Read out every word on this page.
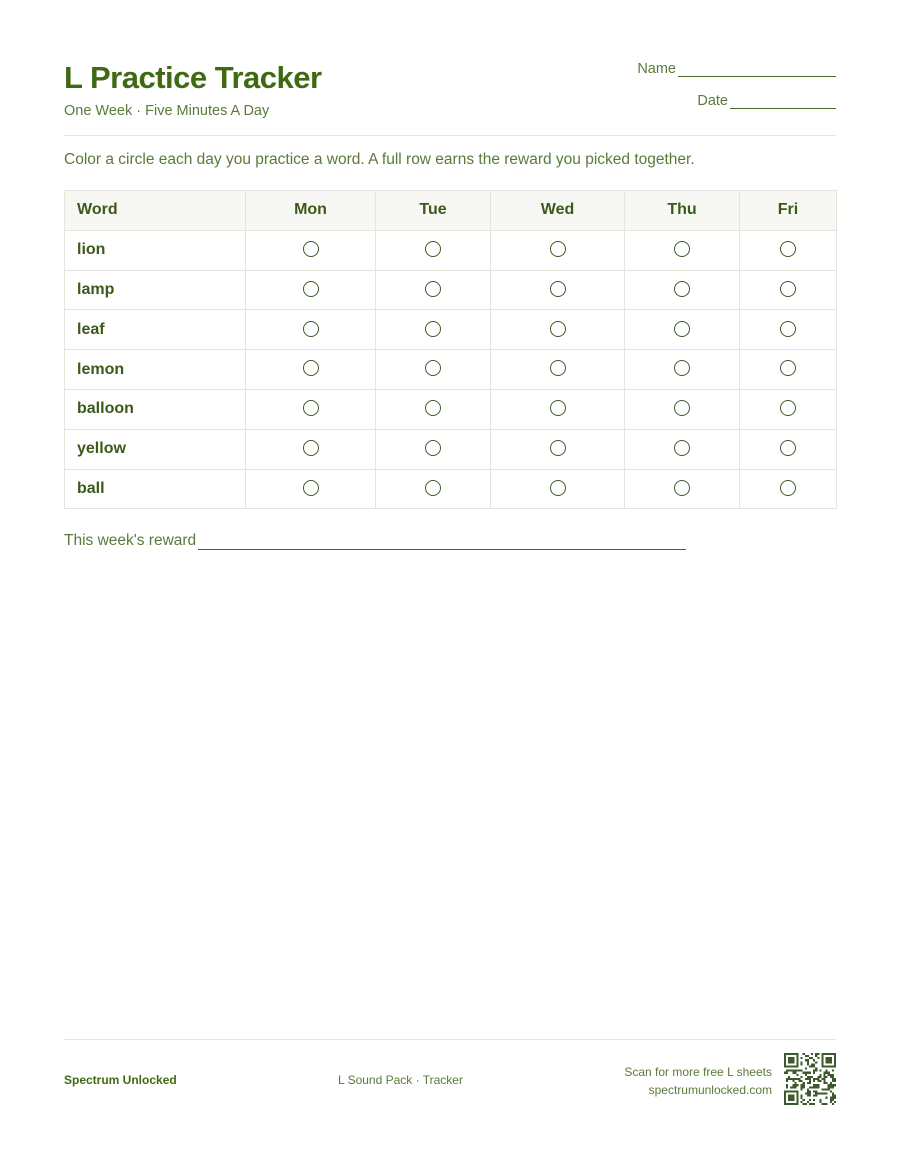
L Practice Tracker
One Week · Five Minutes A Day
Name
Date
Color a circle each day you practice a word. A full row earns the reward you picked together.
Word	Mon	Tue	Wed	Thu	Fri
lion					
lamp					
leaf					
lemon					
balloon					
yellow					
ball					
This week's reward
Spectrum Unlocked	L Sound Pack · Tracker
Scan for more free L sheets
spectrumunlocked.com
